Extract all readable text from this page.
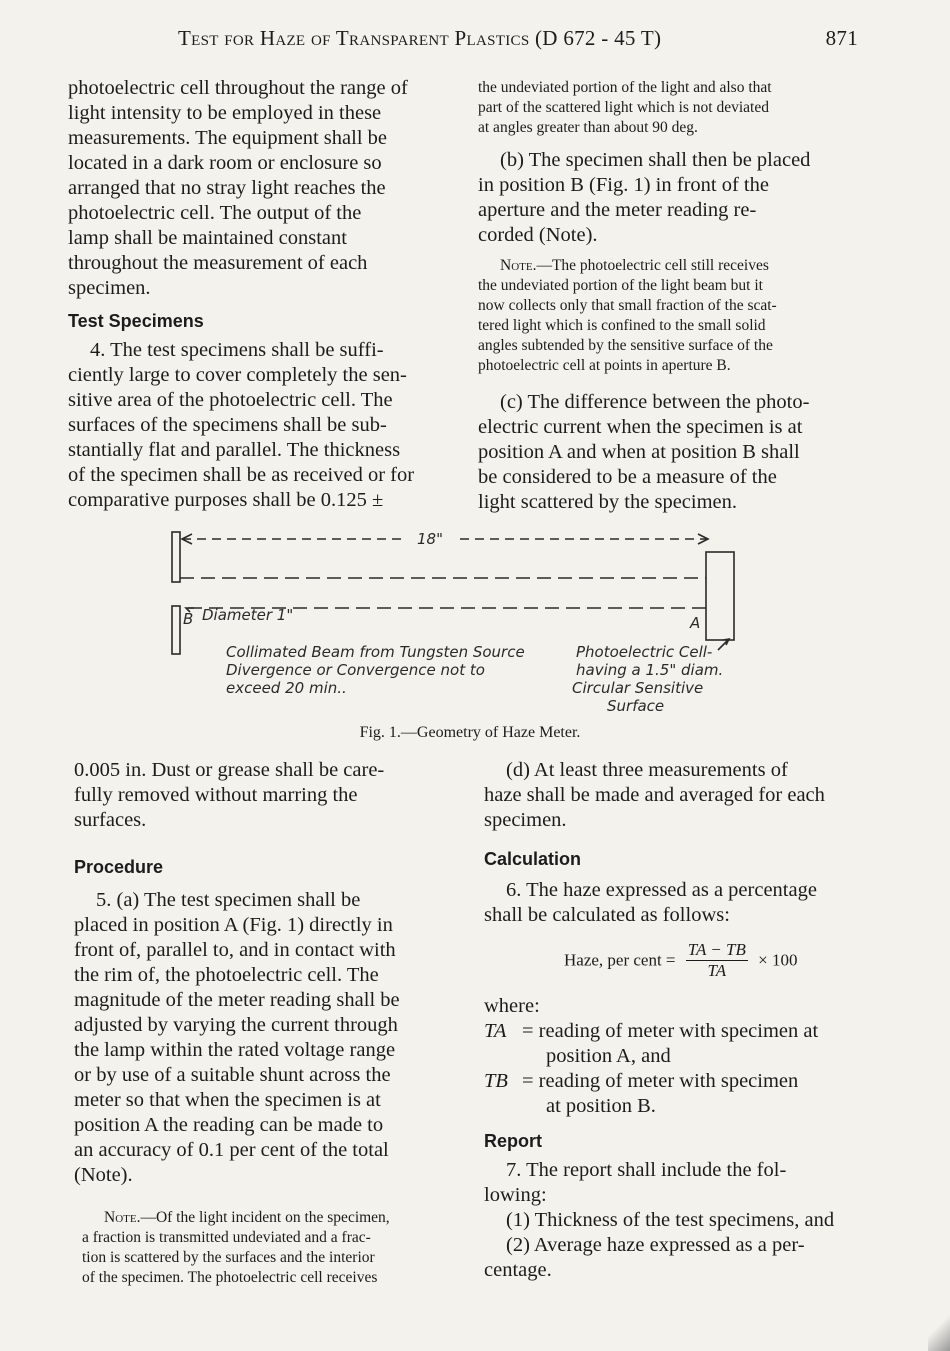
Test for Haze of Transparent Plastics (D 672 - 45 T)	871

photoelectric cell throughout the range of

light intensity to be employed in these

measurements. The equipment shall be

located in a dark room or enclosure so

arranged that no stray light reaches the

photoelectric cell. The output of the

lamp shall be maintained constant

throughout the measurement of each

specimen.

Test Specimens

4. The test specimens shall be suffi-

ciently large to cover completely the sen-

sitive area of the photoelectric cell. The

surfaces of the specimens shall be sub-

stantially flat and parallel. The thickness

of the specimen shall be as received or for

comparative purposes shall be 0.125 ±

the undeviated portion of the light and also that

part of the scattered light which is not deviated

at angles greater than about 90 deg.

(b) The specimen shall then be placed

in position B (Fig. 1) in front of the

aperture and the meter reading re-

corded (Note).

Note.—The photoelectric cell still receives

the undeviated portion of the light beam but it

now collects only that small fraction of the scat-

tered light which is confined to the small solid

angles subtended by the sensitive surface of the

photoelectric cell at points in aperture B.

(c) The difference between the photo-

electric current when the specimen is at

position A and when at position B shall

be considered to be a measure of the

light scattered by the specimen.

18"
B Diameter 1"	A
Collimated Beam from Tungsten Source
Divergence or Convergence not to
exceed 20 min..
Photoelectric Cell-
having a 1.5" diam.
Circular Sensitive
Surface
Fig. 1.—Geometry of Haze Meter.

0.005 in. Dust or grease shall be care-

fully removed without marring the

surfaces.

Procedure

5. (a) The test specimen shall be

placed in position A (Fig. 1) directly in

front of, parallel to, and in contact with

the rim of, the photoelectric cell. The

magnitude of the meter reading shall be

adjusted by varying the current through

the lamp within the rated voltage range

or by use of a suitable shunt across the

meter so that when the specimen is at

position A the reading can be made to

an accuracy of 0.1 per cent of the total

(Note).

Note.—Of the light incident on the specimen,

a fraction is transmitted undeviated and a frac-

tion is scattered by the surfaces and the interior

of the specimen. The photoelectric cell receives

(d) At least three measurements of

haze shall be made and averaged for each

specimen.

Calculation

6. The haze expressed as a percentage

shall be calculated as follows:

Haze, per cent = $\frac{TA - TB}{TA} \times 100$

where:

TA = reading of meter with specimen at
position A, and
TB = reading of meter with specimen
at position B.

Report

7. The report shall include the fol-

lowing:

(1) Thickness of the test specimens, and

(2) Average haze expressed as a per-

centage.
